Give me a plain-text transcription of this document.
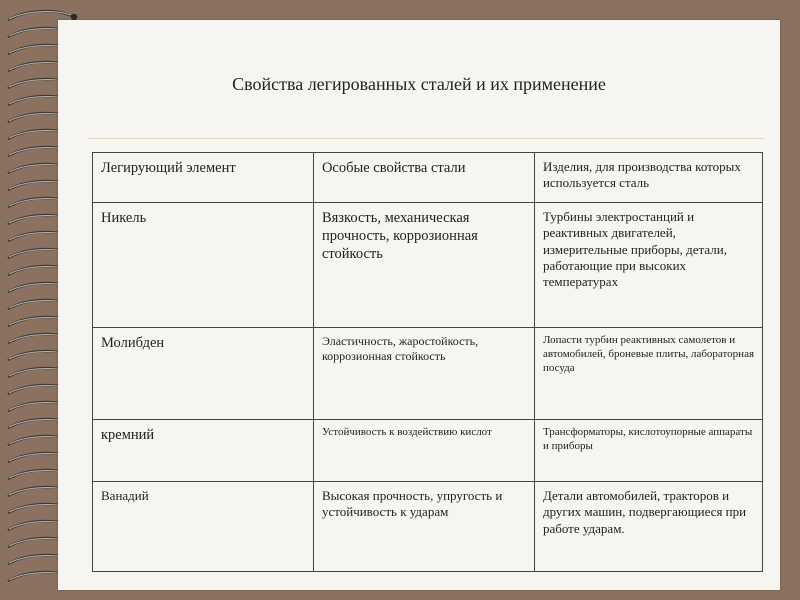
Свойства легированных сталей и их применение
Легирующий элемент	Особые свойства стали	Изделия, для производства которых используется сталь
Никель	Вязкость, механическая прочность, коррозионная стойкость	Турбины электростанций и реактивных двигателей, измерительные приборы, детали, работающие при высоких температурах
Молибден	Эластичность, жаростойкость, коррозионная стойкость	Лопасти турбин реактивных самолетов и автомобилей, броневые плиты, лабораторная посуда
кремний	Устойчивость к воздействию кислот	Трансформаторы, кислотоупорные аппараты и приборы
Ванадий	Высокая прочность, упругость и устойчивость к ударам	Детали автомобилей, тракторов и других машин, подвергающиеся при работе ударам.
